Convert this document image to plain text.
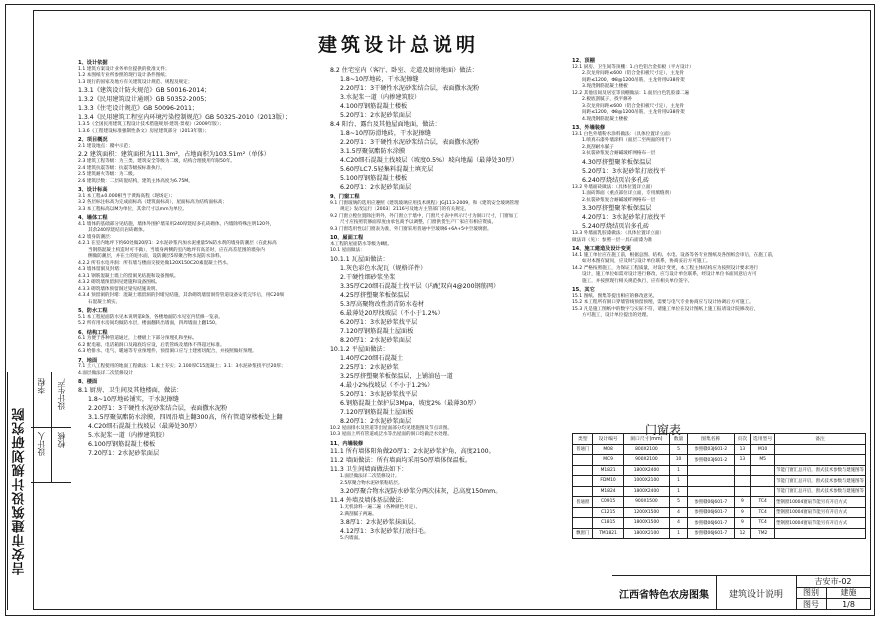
吉安市建筑设计规划研究院	设计人
李程
校核
设计生产
建筑设计总说明

1、设计依据

1.1 建筑方案设计业务单位提供的批准文件；

1.2 本图纸专业所参照的现行设计条件图纸；

1.3 现行的国家及地方有关建筑设计规范、规程及规定；

1.3.1《建筑设计防火规范》GB 50016-2014；

1.3.2《民用建筑设计通则》GB 50352-2005；

1.3.3《住宅设计规范》GB 50096-2011；

1.3.4《民用建筑工程室内环境污染控制规范》GB 50325-2010（2013版）；

1.3.5《全国民用建筑工程设计技术措施规划·建筑·景观》（2009年版）；

1.3.6《工程建设标准强制性条文》房屋建筑部分（2013年版）；

2、项目概况

2.1 建设地点：赣中示范；

2.2 建筑面积：建筑面积为111.3m²，占地面积为103.51m²（单体）

2.3 建筑工程等级：为三类，建筑安全等级为二级，结构合理使用年限50年。

2.4 建筑抗震等级：抗震等级按标准执行。

2.5 建筑耐火等级：为二级。

2.6 建筑层数：二层砖混结构，建筑主体高度为6.75M。

3、设计标高

3.1 本工程±0.000相当于黄海高程（现场定）；

3.2 各层标注标高为完成面标高（建筑面标高），屋面标高为结构面标高；

3.3 本工程标高以M为单位，其余尺寸以mm为单位。

4、墙体工程

4.1 墙体的基础部分见结施，墙体外围护墙采用240厚烧结多孔砖砌体，内墙除特殊注明120外，

其余240厚烧结页岩砖砌体。

4.2 墙身防潮层：

4.2.1 在室内地坪下约60处做20厚1：2水泥砂浆内加水泥重量5%防水剂的墙身防潮层（在此标高

当钢筋混凝土构造时可不做），当墙身两侧的室内地坪有高差时，应在高差范围的墙身内

侧做防潮层，并在土的迎水面，设防潮层5厚聚合物水泥防水涂料。

4.2.2 所有水电井洞：所有墙与楼面交接处做120X150C20素混凝土挡水。

4.3 墙体留洞及封堵：

4.3.1 钢筋混凝土墙上的留洞见结施和设备图纸。

4.3.2 砌筑墙预留洞见建施和设备图纸。

4.3.3 砌筑墙体预留洞过梁见结施说明。

4.3.4 预留洞的封堵：混凝土墙留洞的封堵见结施，其余砌筑墙留洞待管道设备安装完毕后，用C20细

石混凝土填实。

5、防水工程

5.1 本工程屋面防水见本说明第8条，各楼地面防水见室内装修一览表。

5.2 所有用水房间均做防水层，楼面翻转出墙面，四周墙面上翻150。

6、结构工程

6.1 为便于各种管道通过，上楼板上下部分预埋孔和坐标。

6.2 配电箱、电话箱洞口及箱底均应设，后装管线及墙体不得超过标准。

6.3 给排水、电气、暖通等专业预埋件、预留洞口应与土建密切配合，并按照做好预埋。

7、地面

7.1 土八工程使用的地面工程做法：1.素土夯实；2.100厚C15混凝土；3.1：3水泥砂浆找平层20厚；

4.面层做法详二次装修设计

8、楼面

8.1 厨房、卫生间及其他楼面，做法：

1.8~10厚地砖铺实，干水泥擦缝

2.20厚1：3干硬性水泥砂浆结合层，表面撒水泥粉

3.1.5厚聚氨酯防水涂膜，四周沿墙上翻300高，所有管道穿楼板处上翻

4.C20细石混凝土找坡层（最薄处30厚）

5.水泥浆一道（内掺建筑胶）

6.100厚钢筋混凝土楼板

7.20厚1：2水泥砂浆面层

8.2 住宅室内（客厅、卧室、走道及厨房地面）做法：

1.8~10厚地砖，干水泥擦缝

2.20厚1：3干硬性水泥砂浆结合层，表面撒水泥粉

3.水泥浆一道（内掺建筑胶）

4.100厚钢筋混凝土楼板

5.20厚1：2水泥砂浆面层

8.4 阳台、露台及其他屋面地面，做法：

1.8~10厚防滑地砖，干水泥擦缝

2.20厚1：3干硬性水泥砂浆结合层，表面撒水泥粉

3.1.5厚聚氨酯防水涂膜

4.C20细石混凝土找坡层（坡度0.5%）坡向地漏（最薄处30厚）

5.60厚LC7.5轻集料混凝土填充层

5.100厚钢筋混凝土楼板

6.20厚1：2水泥砂浆面层

9、门窗工程

9.1 门窗玻璃的选用应遵照《建筑玻璃应用技术规程》JGJ113-2009，和《建筑安全玻璃管理

规定》发改运行〔2003〕2116号及地方主管部门的有关规定。

9.2 门窗立樘位置除注明外，外门窗立于墙中，门窗尺寸表中所示尺寸为洞口尺寸，门窗加工

尺寸应按照装修面厚度由承包商予以调整，门窗供货生产厂家应有相应资质。

9.3 门窗选用性以门窗表为准，外门窗采用普通中空玻璃6+6A+5中空玻璃窗。

10、屋面工程

本工程的屋面防水等级为Ⅱ级。

10.1 屋面做法：

10.1.1 瓦屋面做法：

1.灰色彩色水泥瓦（规格详件）

2.干硬性细砂浆坐浆

3.35厚C20细石混凝土找平层（内配双向4@200钢筋网）

4.25厚挤塑聚苯板保温层

5.3厚高聚物改性沥青防水卷材

6.最薄处20厚找坡层（不小于1.2%）

6.20厚1：3水泥砂浆找平层

7.120厚钢筋混凝土屋面板

8.20厚1：2水泥砂浆面层

10.1.2 平屋面做法：

1.40厚C20细石混凝土

2.25厚1：2水泥砂浆

3.25厚挤塑聚苯板保温层，上铺油毡一道

4.最小2%找坡层（不小于1.2%）

5.20厚1：3水泥砂浆找平层

6.钢筋混凝土保护层3Mpa，坡度2%（最薄30厚）

7.120厚钢筋混凝土屋面板

8.20厚1：2水泥砂浆面层

10.2 屋面排水及管道等出屋面部分均见建施图及节点详图。

10.3 屋面上所有管道或泛水等出屋面的洞口均做泛水处理。

11、内墙装修

11.1 所有墙体阳角做20厚1：2水泥砂浆护角，高度2100。

11.2 墙面做法：所有墙面均采用50厚墙体保温板。

11.3 卫生间墙面做法如下：

1.面层做法详二次装修设计。

2.5厚聚合物水泥砂浆粘结层。

3.20厚聚合物水泥防水砂浆分两次抹灰，总高度150mm。

11.4 外墙及墙体基层做法：

1.无机涂料一遍二遍（各种颜色另定）。

2.满刮腻子两遍。

3.8厚1：2水泥砂浆抹面层。

4.12厚1：3水泥砂浆打底扫毛。

5.内墙面。

12、顶棚

12.1 厨房、卫生间等顶棚：1.白色铝合金扣板（平方设计）

2.次龙骨间距≤600（铝合金扣板尺寸定），主龙骨

间距≤1200，Φ8@1200吊筋，主龙骨用U38骨架

3.现浇钢筋混凝土楼板

12.2 其他房间及居室等顶棚做法：1.面层白色乳胶漆二遍

2.板底刮腻子，找平修补

3.次龙骨间距≤600（铝合金扣板尺寸定），主龙骨

间距≤1200，Φ8@1200吊筋，主龙骨用U38骨架

4.现浇钢筋混凝土楼板

13、外墙装修

13.1 白色外墙粉水涂料做法：（具体位置详立面）

1.喷真石漆外墙涂料（面层二至两面的用于）

2.底刮耐水腻子

3.抗裂砂浆复合耐碱玻纤网格布一层

4.30厚挤塑聚苯板保温层

5.20厚1：3水泥砂浆打底找平

6.240厚烧结页岩多孔砖

13.2 外墙面砖做法：（具体位置详立面）

1.面砖饰面（重点部位详立面，专用填缝剂）

2.抗裂砂浆复合耐碱玻纤网格布一层

3.30厚挤塑聚苯板保温层

4.20厚1：3水泥砂浆打底找平

5.240厚烧结页岩多孔砖

13.3 外墙面乳胶漆做法：（具体位置详立面）

做法详（见）：参照一层一具石面漆为准

14、施工建造及设计变更

14.1 施工单位应在施工前，根据总图、结构、水电、设备等各专业图纸及各图纸会审后，在施工前，

如对本图有疑问，应及时与设计单位联系，协商妥后方可施工。

14.2 严格按照施工，为保证工程质量，对设计变更，本工程主体结构应为按照设计要求进行

设计，施工单位如需对设计进行修改，应与设计单位联系，经设计单位书面同意后方可

施工，并按照现行相关规范执行，应有相关单位签字。

15、其它

15.1 图纸、图集等提出相应的修改意见。

15.2 本工程所有洞口穿墙管线预留预埋，需要与电气专业协商应与设计协调后方可施工。

15.3 凡是施工图纸中的数字与实际不符，请施工单位在设计图纸上施工报请设计院修改后，

方可施工，设计单位提出的处理。

门窗表
类型	设计编号	洞口尺寸(mm)	数量	图集名称	页次	选用型号	备注
普通门	M08	800X2100	5	参照赣03J601-2	13	M10	
	MC9	900X2100	10	参照赣03J601-2	13	M5	
	M1821	1800X2400	1				节能门窗汇总开启，窗式技术参数与建施图等
	FDM10	1000X2100	1				节能门窗汇总开启，窗式技术参数与建施图等
	M1824	1800X2400	1				节能门窗汇总开启，窗式技术参数与建施图等
普通窗	C0915	900X1500	5	参照赣06J601-7	9	TC4	塑钢窗10004窗扇节能另有开启方式
	C1215	1200X1500	4	参照赣06J601-7	9	TC4	塑钢窗10004窗扇节能另有开启方式
	C1815	1800X1500	4	参照赣06J601-7	9	TC4	塑钢窗10004窗扇节能另有开启方式
飘窗门	TM1821	1800X2100	1	参照赣06J601-7	12	TM2	
江西省特色农房图集	建筑设计说明
吉安市-02
图别	建施
图号	1/8
